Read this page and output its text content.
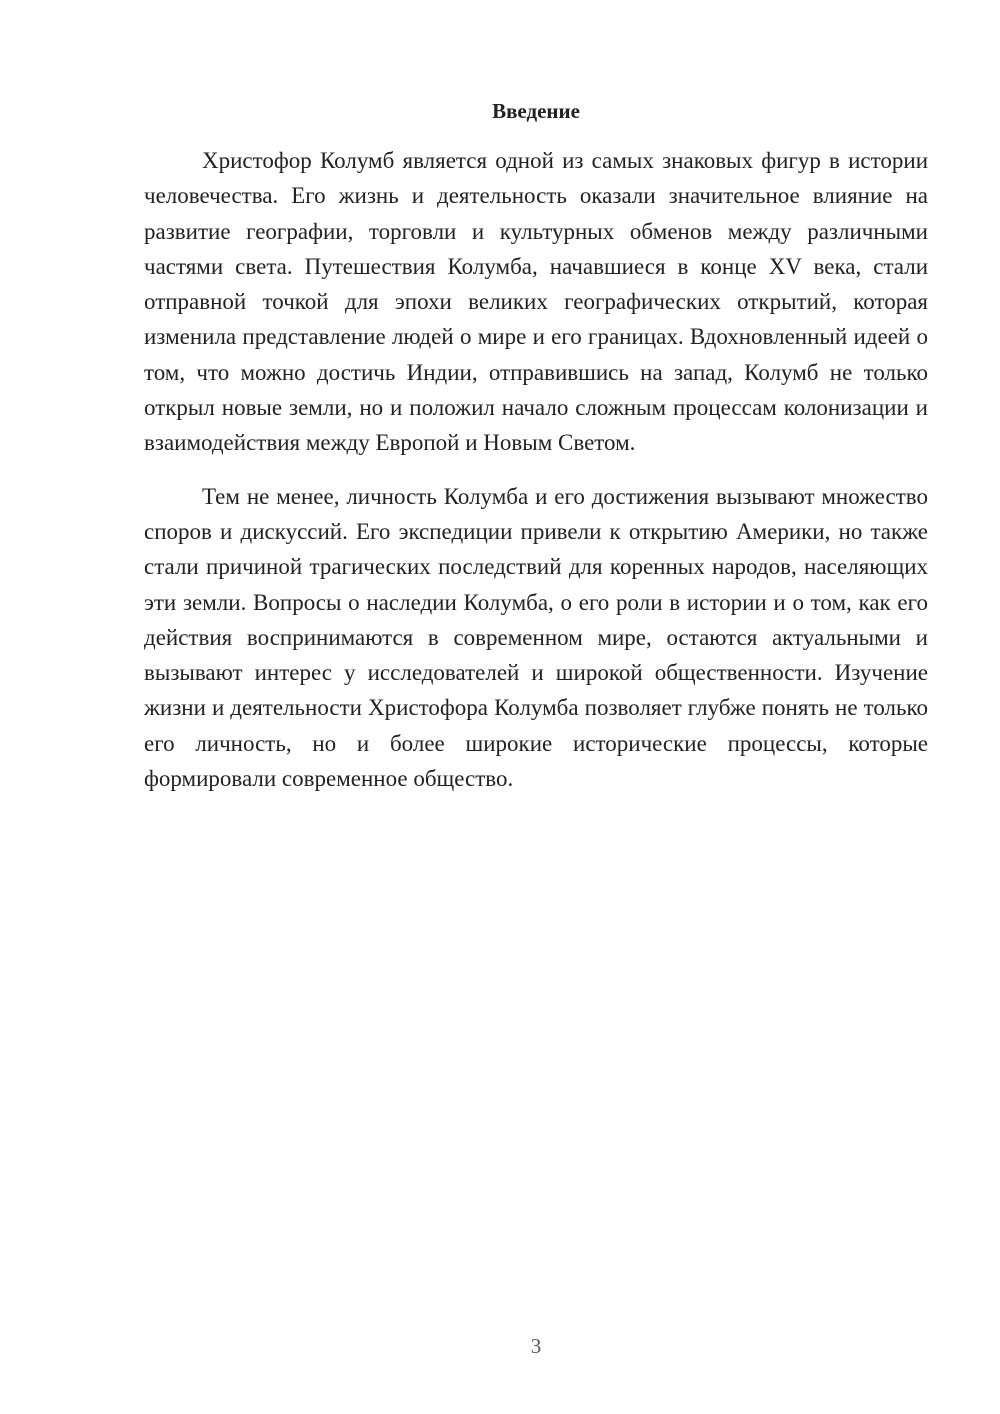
Введение

Христофор Колумб является одной из самых знаковых фигур в истории человечества. Его жизнь и деятельность оказали значительное влияние на развитие географии, торговли и культурных обменов между различными частями света. Путешествия Колумба, начавшиеся в конце XV века, стали отправной точкой для эпохи великих географических открытий, которая изменила представление людей о мире и его границах. Вдохновленный идеей о том, что можно достичь Индии, отправившись на запад, Колумб не только открыл новые земли, но и положил начало сложным процессам колонизации и взаимодействия между Европой и Новым Светом.

Тем не менее, личность Колумба и его достижения вызывают множество споров и дискуссий. Его экспедиции привели к открытию Америки, но также стали причиной трагических последствий для коренных народов, населяющих эти земли. Вопросы о наследии Колумба, о его роли в истории и о том, как его действия воспринимаются в современном мире, остаются актуальными и вызывают интерес у исследователей и широкой общественности. Изучение жизни и деятельности Христофора Колумба позволяет глубже понять не только его личность, но и более широкие исторические процессы, которые формировали современное общество.

3
